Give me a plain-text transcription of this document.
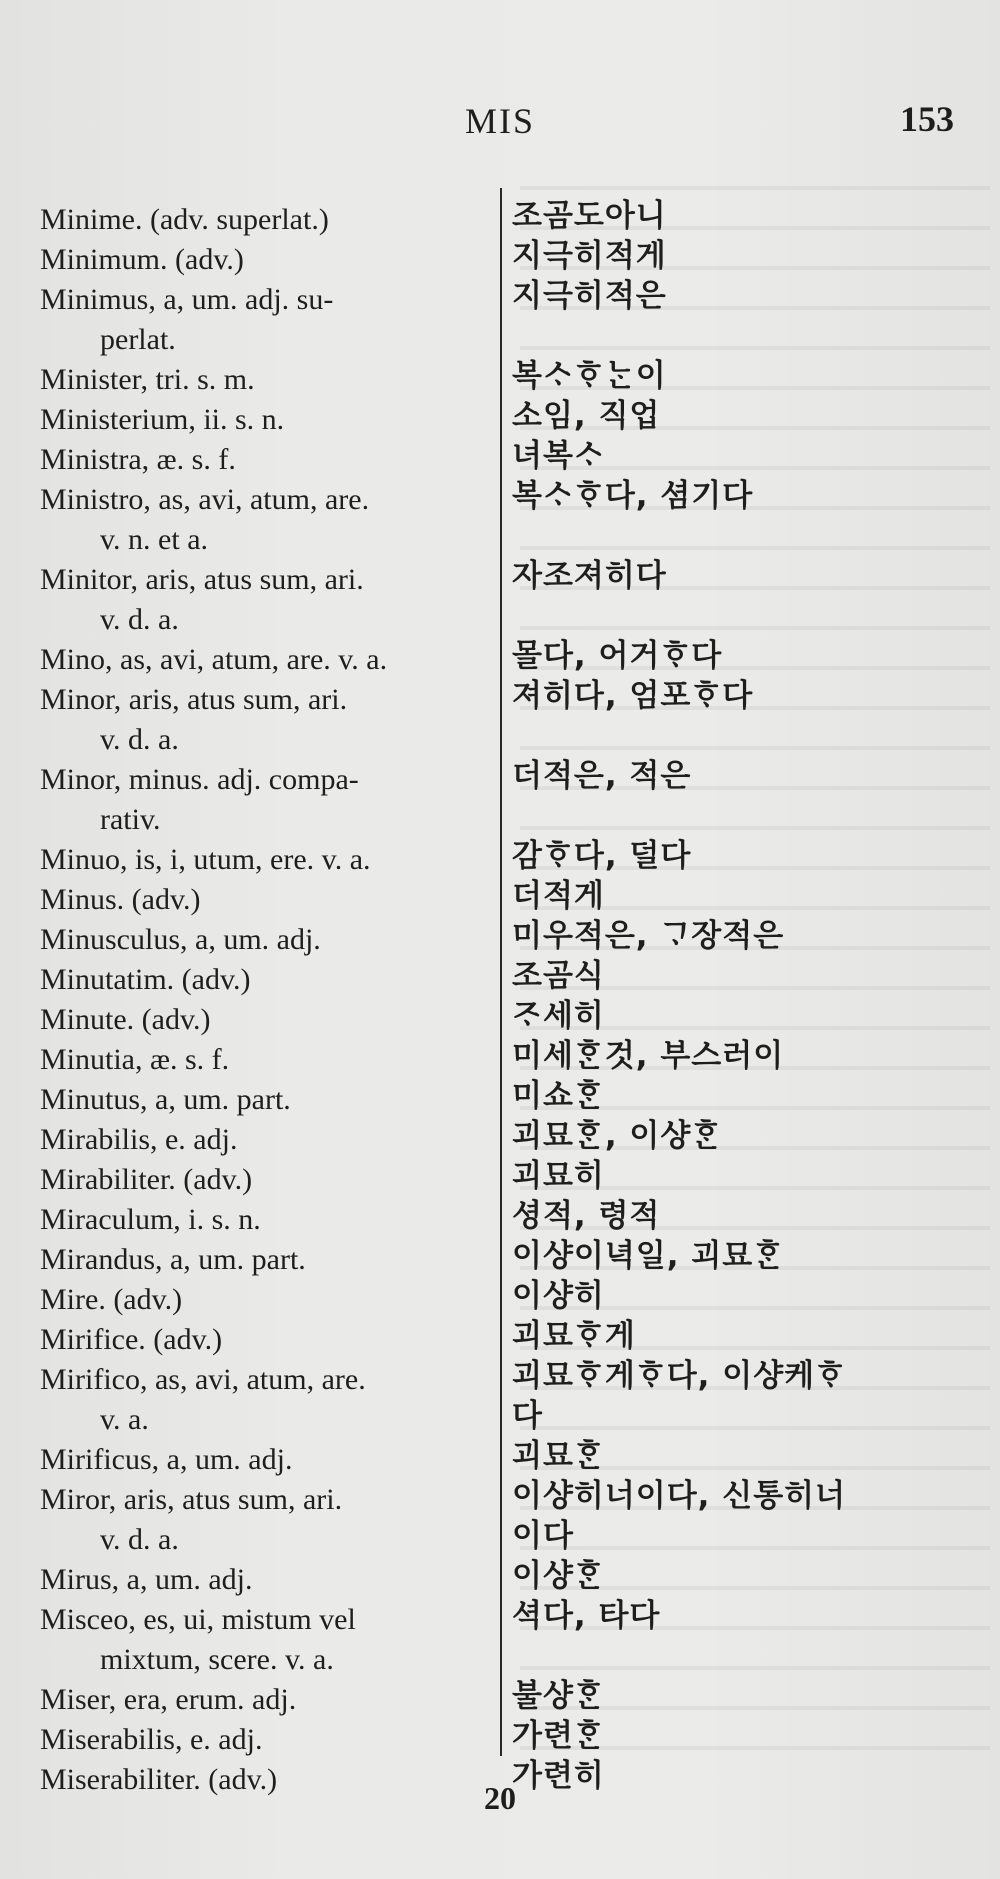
MIS	153
Minime. (adv. superlat.)
Minimum. (adv.)
Minimus, a, um. adj. su-
perlat.
Minister, tri. s. m.
Ministerium, ii. s. n.
Ministra, æ. s. f.
Ministro, as, avi, atum, are.
v. n. et a.
Minitor, aris, atus sum, ari.
v. d. a.
Mino, as, avi, atum, are. v. a.
Minor, aris, atus sum, ari.
v. d. a.
Minor, minus. adj. compa-
rativ.
Minuo, is, i, utum, ere. v. a.
Minus. (adv.)
Minusculus, a, um. adj.
Minutatim. (adv.)
Minute. (adv.)
Minutia, æ. s. f.
Minutus, a, um. part.
Mirabilis, e. adj.
Mirabiliter. (adv.)
Miraculum, i. s. n.
Mirandus, a, um. part.
Mire. (adv.)
Mirifice. (adv.)
Mirifico, as, avi, atum, are.
v. a.
Mirificus, a, um. adj.
Miror, aris, atus sum, ari.
v. d. a.
Mirus, a, um. adj.
Misceo, es, ui, mistum vel
mixtum, scere. v. a.
Miser, era, erum. adj.
Miserabilis, e. adj.
Miserabiliter. (adv.)
조곰도아니
지극히적게
지극히적은
복ᄉᆞᄒᆞᄂᆞᆫ이
소임, 직업
녀복ᄉᆞ
복ᄉᆞᄒᆞ다, 셤기다
자조져히다
몰다, 어거ᄒᆞ다
져히다, 엄포ᄒᆞ다
더적은, 적은
감ᄒᆞ다, 덜다
더적게
미우적은, ᄀᆞ장적은
조곰식
ᄌᆞ세히
미세ᄒᆞᆫ것, 부스러이
미쇼ᄒᆞᆫ
괴묘ᄒᆞᆫ, 이샹ᄒᆞᆫ
괴묘히
셩적, 령적
이샹이녁일, 괴묘ᄒᆞᆫ
이샹히
괴묘ᄒᆞ게
괴묘ᄒᆞ게ᄒᆞ다, 이샹케ᄒᆞ
다
괴묘ᄒᆞᆫ
이샹히너이다, 신통히너
이다
이샹ᄒᆞᆫ
셕다, 타다
불샹ᄒᆞᆫ
가련ᄒᆞᆫ
가련히
20
